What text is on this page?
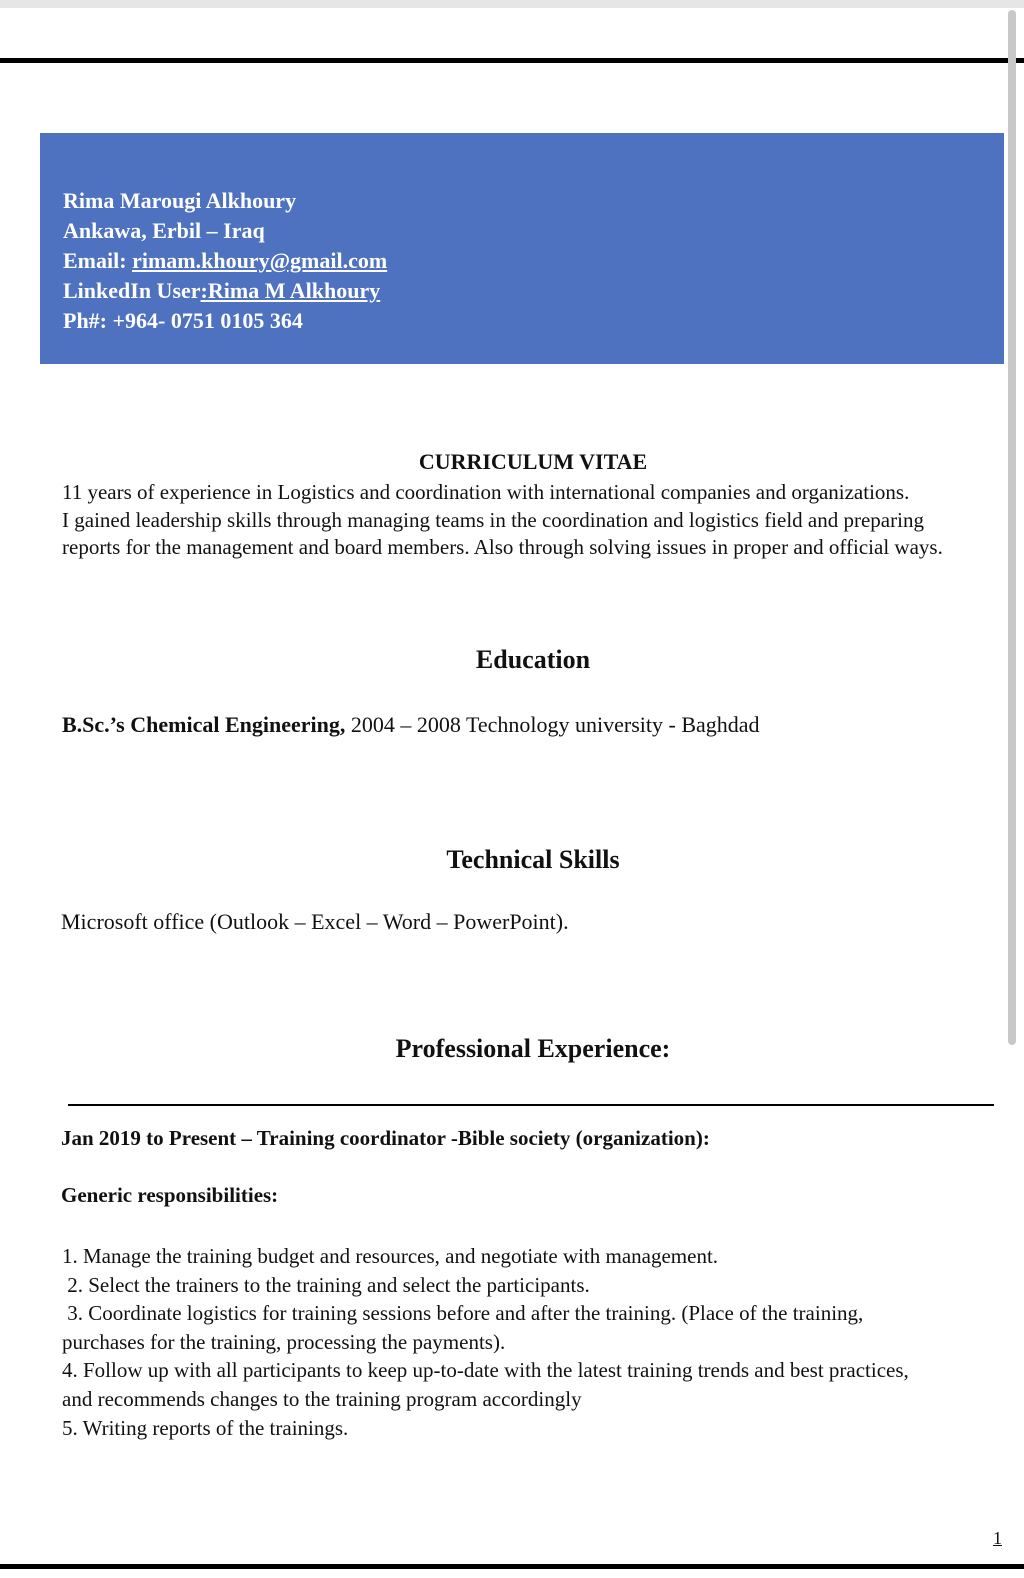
Rima Marougi Alkhoury
Ankawa, Erbil – Iraq
Email: rimam.khoury@gmail.com
LinkedIn User:Rima M Alkhoury
Ph#: +964- 0751 0105 364
CURRICULUM VITAE
11 years of experience in Logistics and coordination with international companies and organizations.
I gained leadership skills through managing teams in the coordination and logistics field and preparing
reports for the management and board members. Also through solving issues in proper and official ways.
Education
B.Sc.’s Chemical Engineering, 2004 – 2008 Technology university - Baghdad
Technical Skills
Microsoft office (Outlook – Excel – Word – PowerPoint).
Professional Experience:
Jan 2019 to Present – Training coordinator -Bible society (organization):
Generic responsibilities:
1. Manage the training budget and resources, and negotiate with management.
2. Select the trainers to the training and select the participants.
3. Coordinate logistics for training sessions before and after the training. (Place of the training,
purchases for the training, processing the payments).
4. Follow up with all participants to keep up-to-date with the latest training trends and best practices,
and recommends changes to the training program accordingly
5. Writing reports of the trainings.
1
